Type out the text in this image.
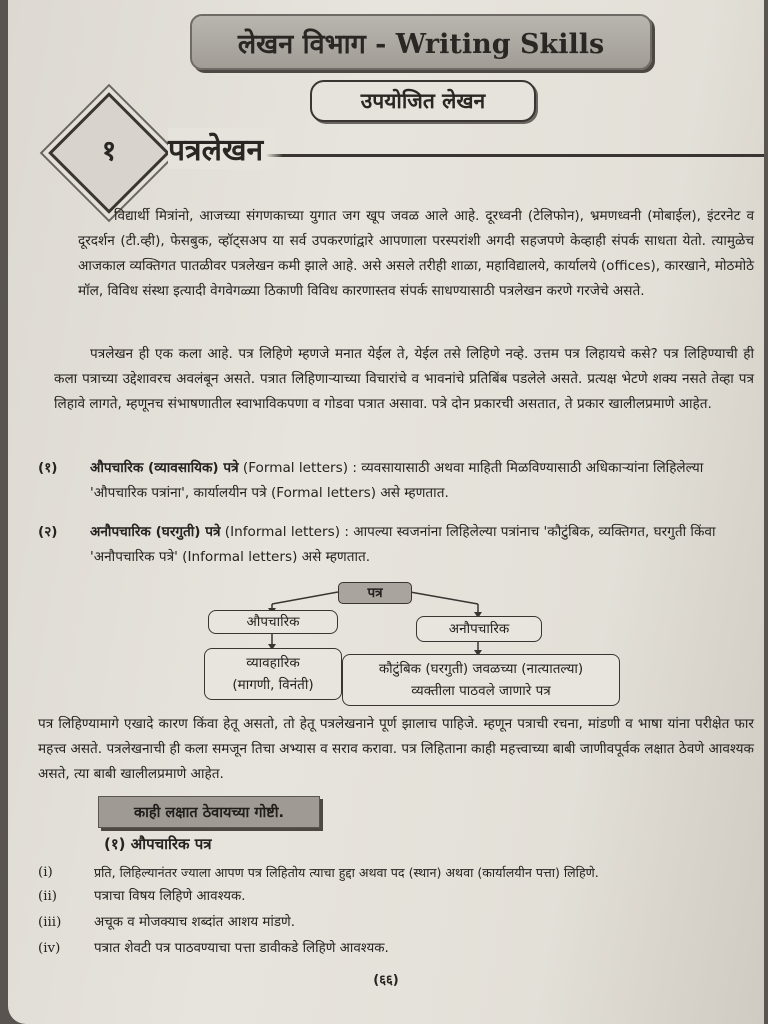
लेखन विभाग - Writing Skills
उपयोजित लेखन
१	पत्रलेखन
विद्यार्थी मित्रांनो, आजच्या संगणकाच्या युगात जग खूप जवळ आले आहे. दूरध्वनी (टेलिफोन), भ्रमणध्वनी (मोबाईल), इंटरनेट व दूरदर्शन (टी.व्ही), फेसबुक, व्हॉट्सअप या सर्व उपकरणांद्वारे आपणाला परस्परांशी अगदी सहजपणे केव्हाही संपर्क साधता येतो. त्यामुळेच आजकाल व्यक्तिगत पातळीवर पत्रलेखन कमी झाले आहे. असे असले तरीही शाळा, महाविद्यालये, कार्यालये (offices), कारखाने, मोठमोठे मॉल, विविध संस्था इत्यादी वेगवेगळ्या ठिकाणी विविध कारणास्तव संपर्क साधण्यासाठी पत्रलेखन करणे गरजेचे असते.
पत्रलेखन ही एक कला आहे. पत्र लिहिणे म्हणजे मनात येईल ते, येईल तसे लिहिणे नव्हे. उत्तम पत्र लिहायचे कसे? पत्र लिहिण्याची ही कला पत्राच्या उद्देशावरच अवलंबून असते. पत्रात लिहिणाऱ्याच्या विचारांचे व भावनांचे प्रतिबिंब पडलेले असते. प्रत्यक्ष भेटणे शक्य नसते तेव्हा पत्र लिहावे लागते, म्हणूनच संभाषणातील स्वाभाविकपणा व गोडवा पत्रात असावा. पत्रे दोन प्रकारची असतात, ते प्रकार खालीलप्रमाणे आहेत.
(१) औपचारिक (व्यावसायिक) पत्रे (Formal letters) : व्यवसायासाठी अथवा माहिती मिळविण्यासाठी अधिकाऱ्यांना लिहिलेल्या 'औपचारिक पत्रांना', कार्यालयीन पत्रे (Formal letters) असे म्हणतात.
(२) अनौपचारिक (घरगुती) पत्रे (Informal letters) : आपल्या स्वजनांना लिहिलेल्या पत्रांनाच 'कौटुंबिक, व्यक्तिगत, घरगुती किंवा 'अनौपचारिक पत्रे' (Informal letters) असे म्हणतात.
पत्र
औपचारिक	अनौपचारिक
व्यावहारिक
(मागणी, विनंती)
कौटुंबिक (घरगुती) जवळच्या (नात्यातल्या)
व्यक्तीला पाठवले जाणारे पत्र
पत्र लिहिण्यामागे एखादे कारण किंवा हेतू असतो, तो हेतू पत्रलेखनाने पूर्ण झालाच पाहिजे. म्हणून पत्राची रचना, मांडणी व भाषा यांना परीक्षेत फार महत्त्व असते. पत्रलेखनाची ही कला समजून तिचा अभ्यास व सराव करावा. पत्र लिहिताना काही महत्त्वाच्या बाबी जाणीवपूर्वक लक्षात ठेवणे आवश्यक असते, त्या बाबी खालीलप्रमाणे आहेत.
काही लक्षात ठेवायच्या गोष्टी.
(१) औपचारिक पत्र
(i)	प्रति, लिहिल्यानंतर ज्याला आपण पत्र लिहितोय त्याचा हुद्दा अथवा पद (स्थान) अथवा (कार्यालयीन पत्ता) लिहिणे.
(ii)	पत्राचा विषय लिहिणे आवश्यक.
(iii) अचूक व मोजक्याच शब्दांत आशय मांडणे.
(iv)	पत्रात शेवटी पत्र पाठवण्याचा पत्ता डावीकडे लिहिणे आवश्यक.
(६६)
